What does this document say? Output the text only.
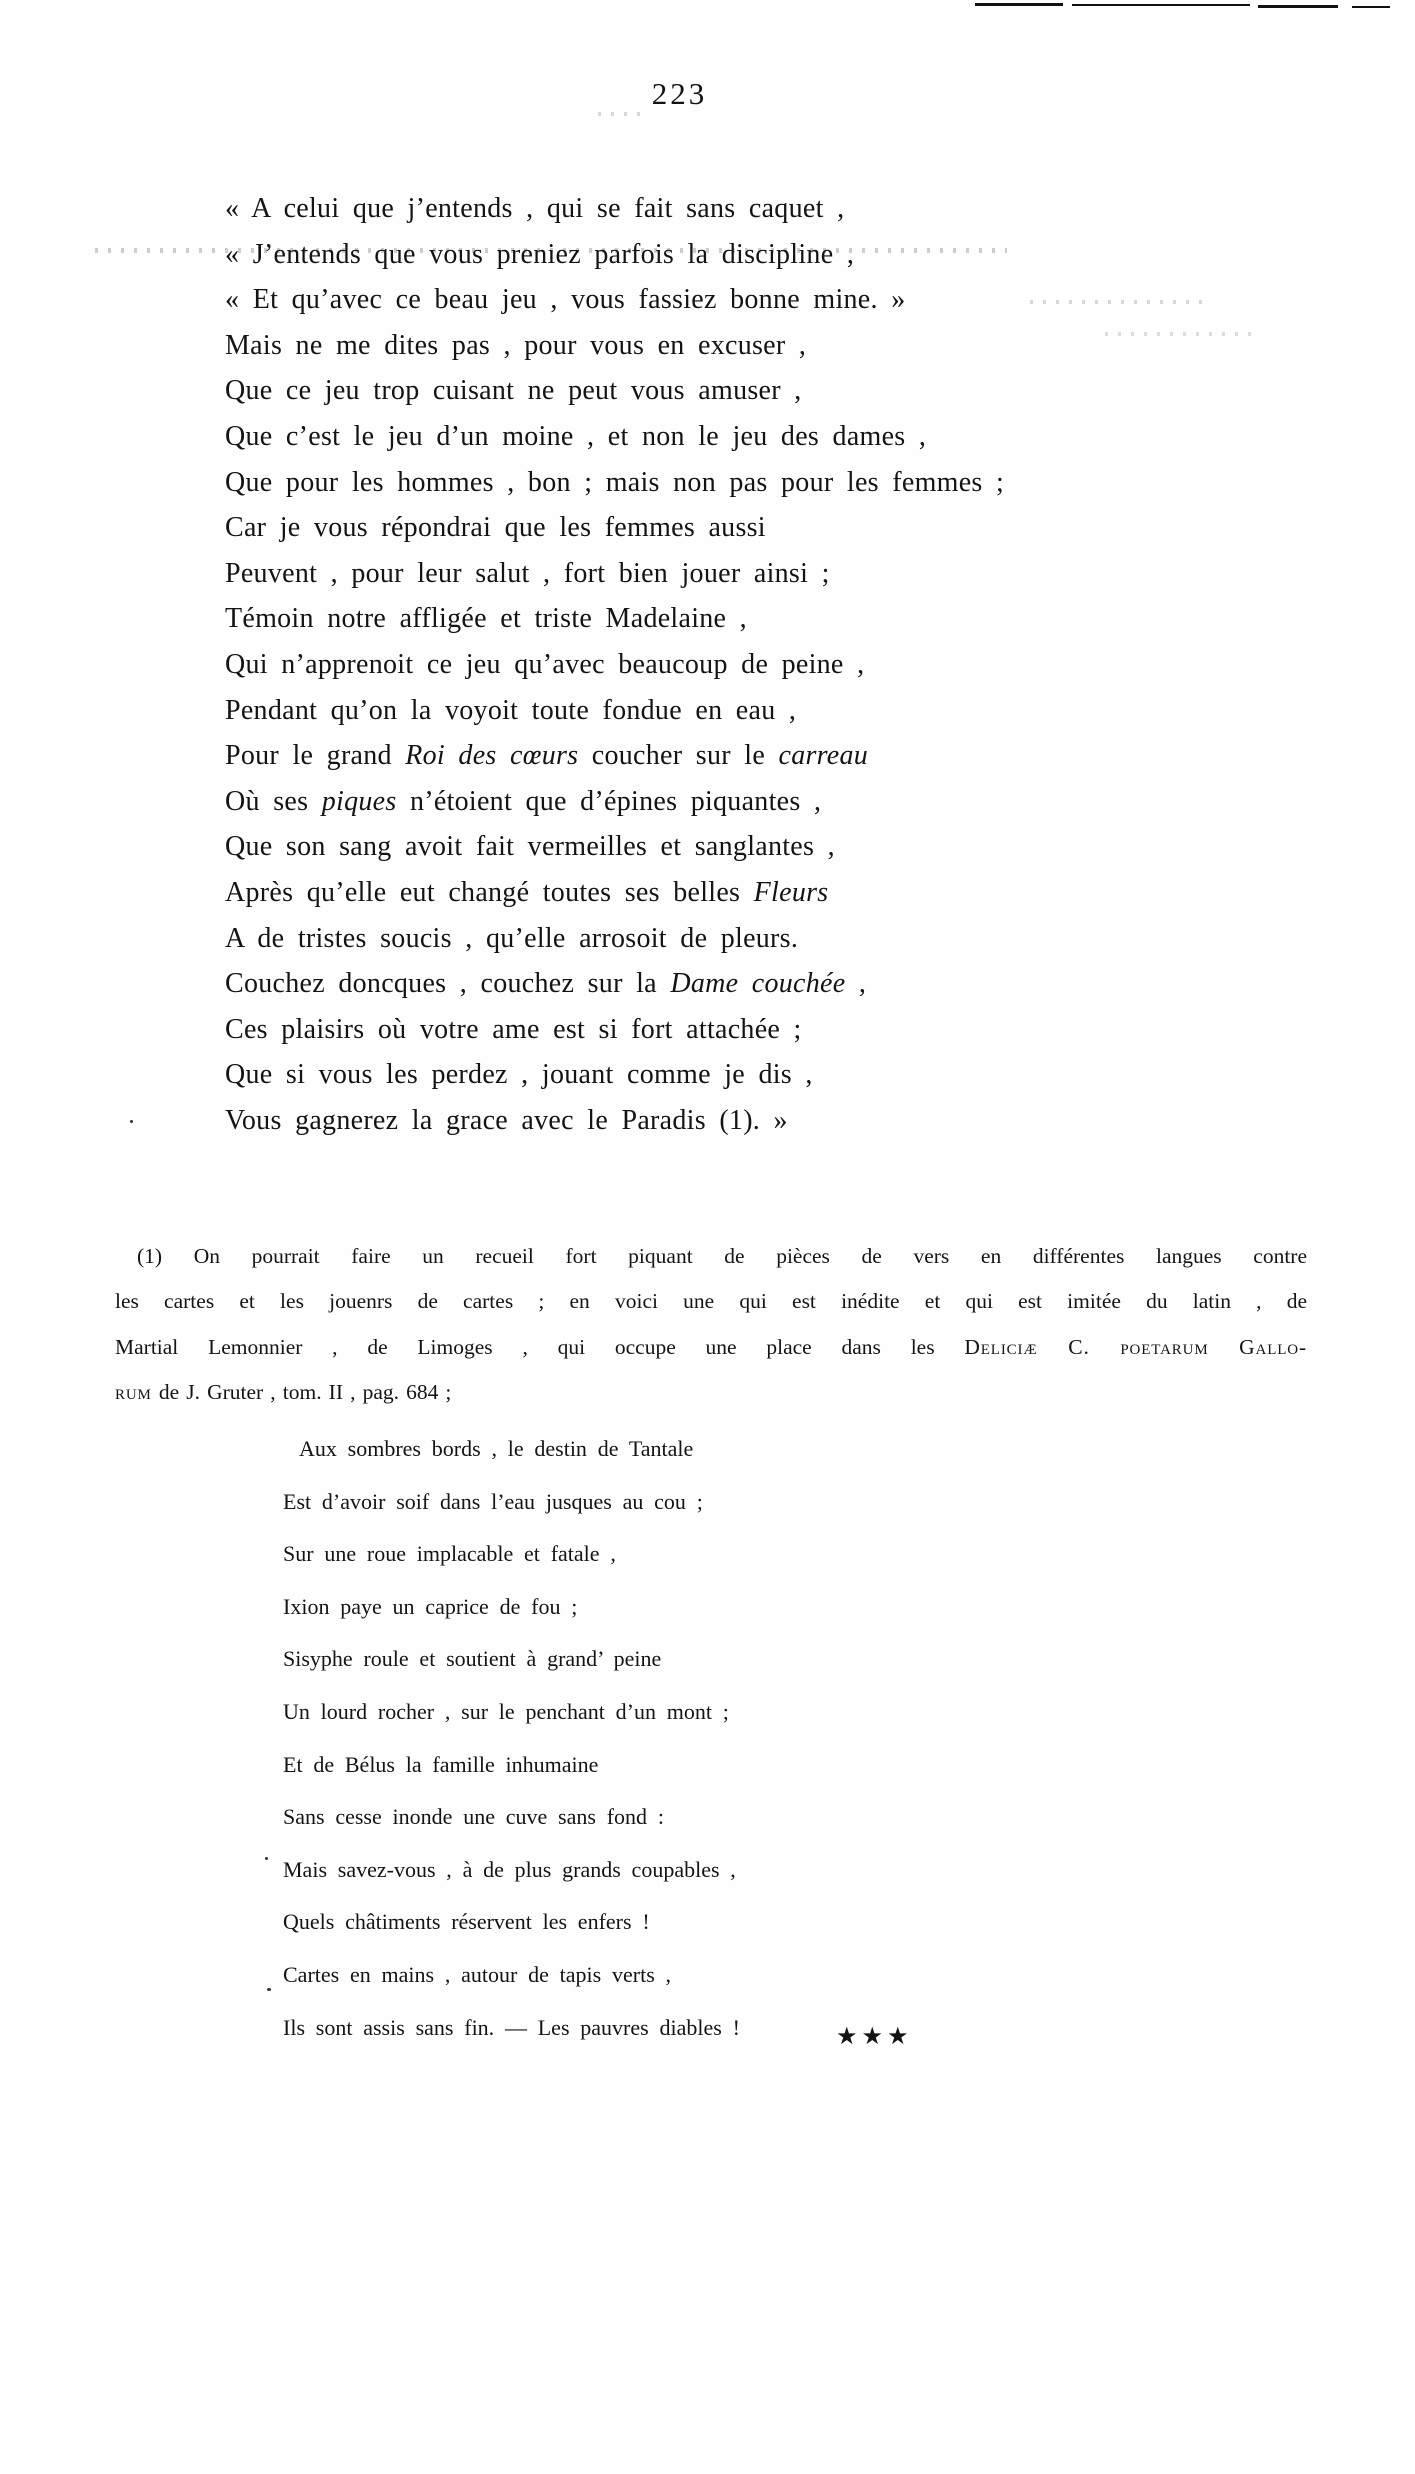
223
« A celui que j’entends , qui se fait sans caquet ,
« J’entends que vous preniez parfois la discipline ,
« Et qu’avec ce beau jeu , vous fassiez bonne mine. »
Mais ne me dites pas , pour vous en excuser ,
Que ce jeu trop cuisant ne peut vous amuser ,
Que c’est le jeu d’un moine , et non le jeu des dames ,
Que pour les hommes , bon ; mais non pas pour les femmes ;
Car je vous répondrai que les femmes aussi
Peuvent , pour leur salut , fort bien jouer ainsi ;
Témoin notre affligée et triste Madelaine ,
Qui n’apprenoit ce jeu qu’avec beaucoup de peine ,
Pendant qu’on la voyoit toute fondue en eau ,
Pour le grand Roi des cœurs coucher sur le carreau
Où ses piques n’étoient que d’épines piquantes ,
Que son sang avoit fait vermeilles et sanglantes ,
Après qu’elle eut changé toutes ses belles Fleurs
A de tristes soucis , qu’elle arrosoit de pleurs.
Couchez doncques , couchez sur la Dame couchée ,
Ces plaisirs où votre ame est si fort attachée ;
Que si vous les perdez , jouant comme je dis ,
Vous gagnerez la grace avec le Paradis (1). »
(1) On pourrait faire un recueil fort piquant de pièces de vers en différentes langues contre
les cartes et les jouenrs de cartes ; en voici une qui est inédite et qui est imitée du latin , de
Martial Lemonnier , de Limoges , qui occupe une place dans les Deliciæ C. poetarum Gallo-
rum de J. Gruter , tom. II , pag. 684 ;
Aux sombres bords , le destin de Tantale
Est d’avoir soif dans l’eau jusques au cou ;
Sur une roue implacable et fatale ,
Ixion paye un caprice de fou ;
Sisyphe roule et soutient à grand’ peine
Un lourd rocher , sur le penchant d’un mont ;
Et de Bélus la famille inhumaine
Sans cesse inonde une cuve sans fond :
Mais savez-vous , à de plus grands coupables ,
Quels châtiments réservent les enfers !
Cartes en mains , autour de tapis verts ,
Ils sont assis sans fin. — Les pauvres diables !	★★★
